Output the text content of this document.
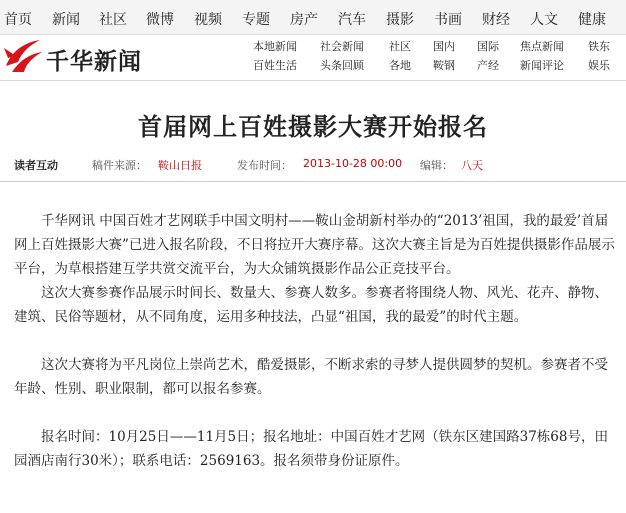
首页 新闻 社区 微博 视频 专题 房产 汽车 摄影 书画 财经 人文 健康
千华新闻
本地新闻 社会新闻 社区 国内 国际 焦点新闻 铁东
百姓生活 头条回顾 各地 鞍钢 产经 新闻评论 娱乐
首届网上百姓摄影大赛开始报名
读者互动	稿件来源： 鞍山日报	发布时间： 2013-10-28 00:00 编辑： 八天

千华网讯 中国百姓才艺网联手中国文明村——鞍山金胡新村举办的“2013’祖国，我的最爱’首届网上百姓摄影大赛”已进入报名阶段，不日将拉开大赛序幕。这次大赛主旨是为百姓提供摄影作品展示平台，为草根搭建互学共赏交流平台，为大众铺筑摄影作品公正竞技平台。

这次大赛参赛作品展示时间长、数量大、参赛人数多。参赛者将围绕人物、风光、花卉、静物、建筑、民俗等题材，从不同角度，运用多种技法，凸显“祖国，我的最爱”的时代主题。

这次大赛将为平凡岗位上崇尚艺术，酷爱摄影，不断求索的寻梦人提供圆梦的契机。参赛者不受年龄、性别、职业限制，都可以报名参赛。

报名时间：10月25日——11月5日；报名地址：中国百姓才艺网（铁东区建国路37栋68号，田园酒店南行30米）；联系电话：2569163。报名须带身份证原件。
